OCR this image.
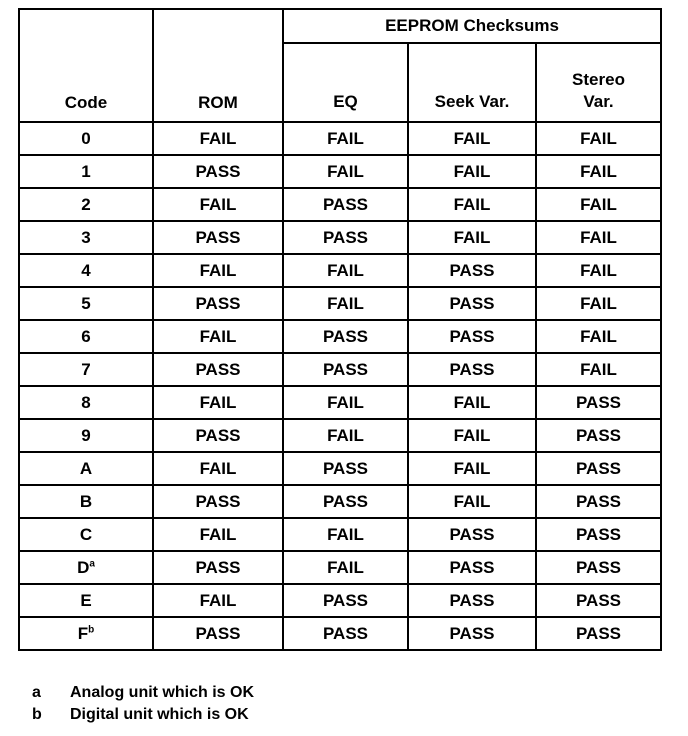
Code	ROM	EEPROM Checksums		
		EQ	Seek Var.	Stereo
Var.
0	FAIL	FAIL	FAIL	FAIL
1	PASS	FAIL	FAIL	FAIL
2	FAIL	PASS	FAIL	FAIL
3	PASS	PASS	FAIL	FAIL
4	FAIL	FAIL	PASS	FAIL
5	PASS	FAIL	PASS	FAIL
6	FAIL	PASS	PASS	FAIL
7	PASS	PASS	PASS	FAIL
8	FAIL	FAIL	FAIL	PASS
9	PASS	FAIL	FAIL	PASS
A	FAIL	PASS	FAIL	PASS
B	PASS	PASS	FAIL	PASS
C	FAIL	FAIL	PASS	PASS
$D^a$	PASS	FAIL	PASS	PASS
E	FAIL	PASS	PASS	PASS
$F^b$	PASS	PASS	PASS	PASS
a	Analog unit which is OK
b	Digital unit which is OK
